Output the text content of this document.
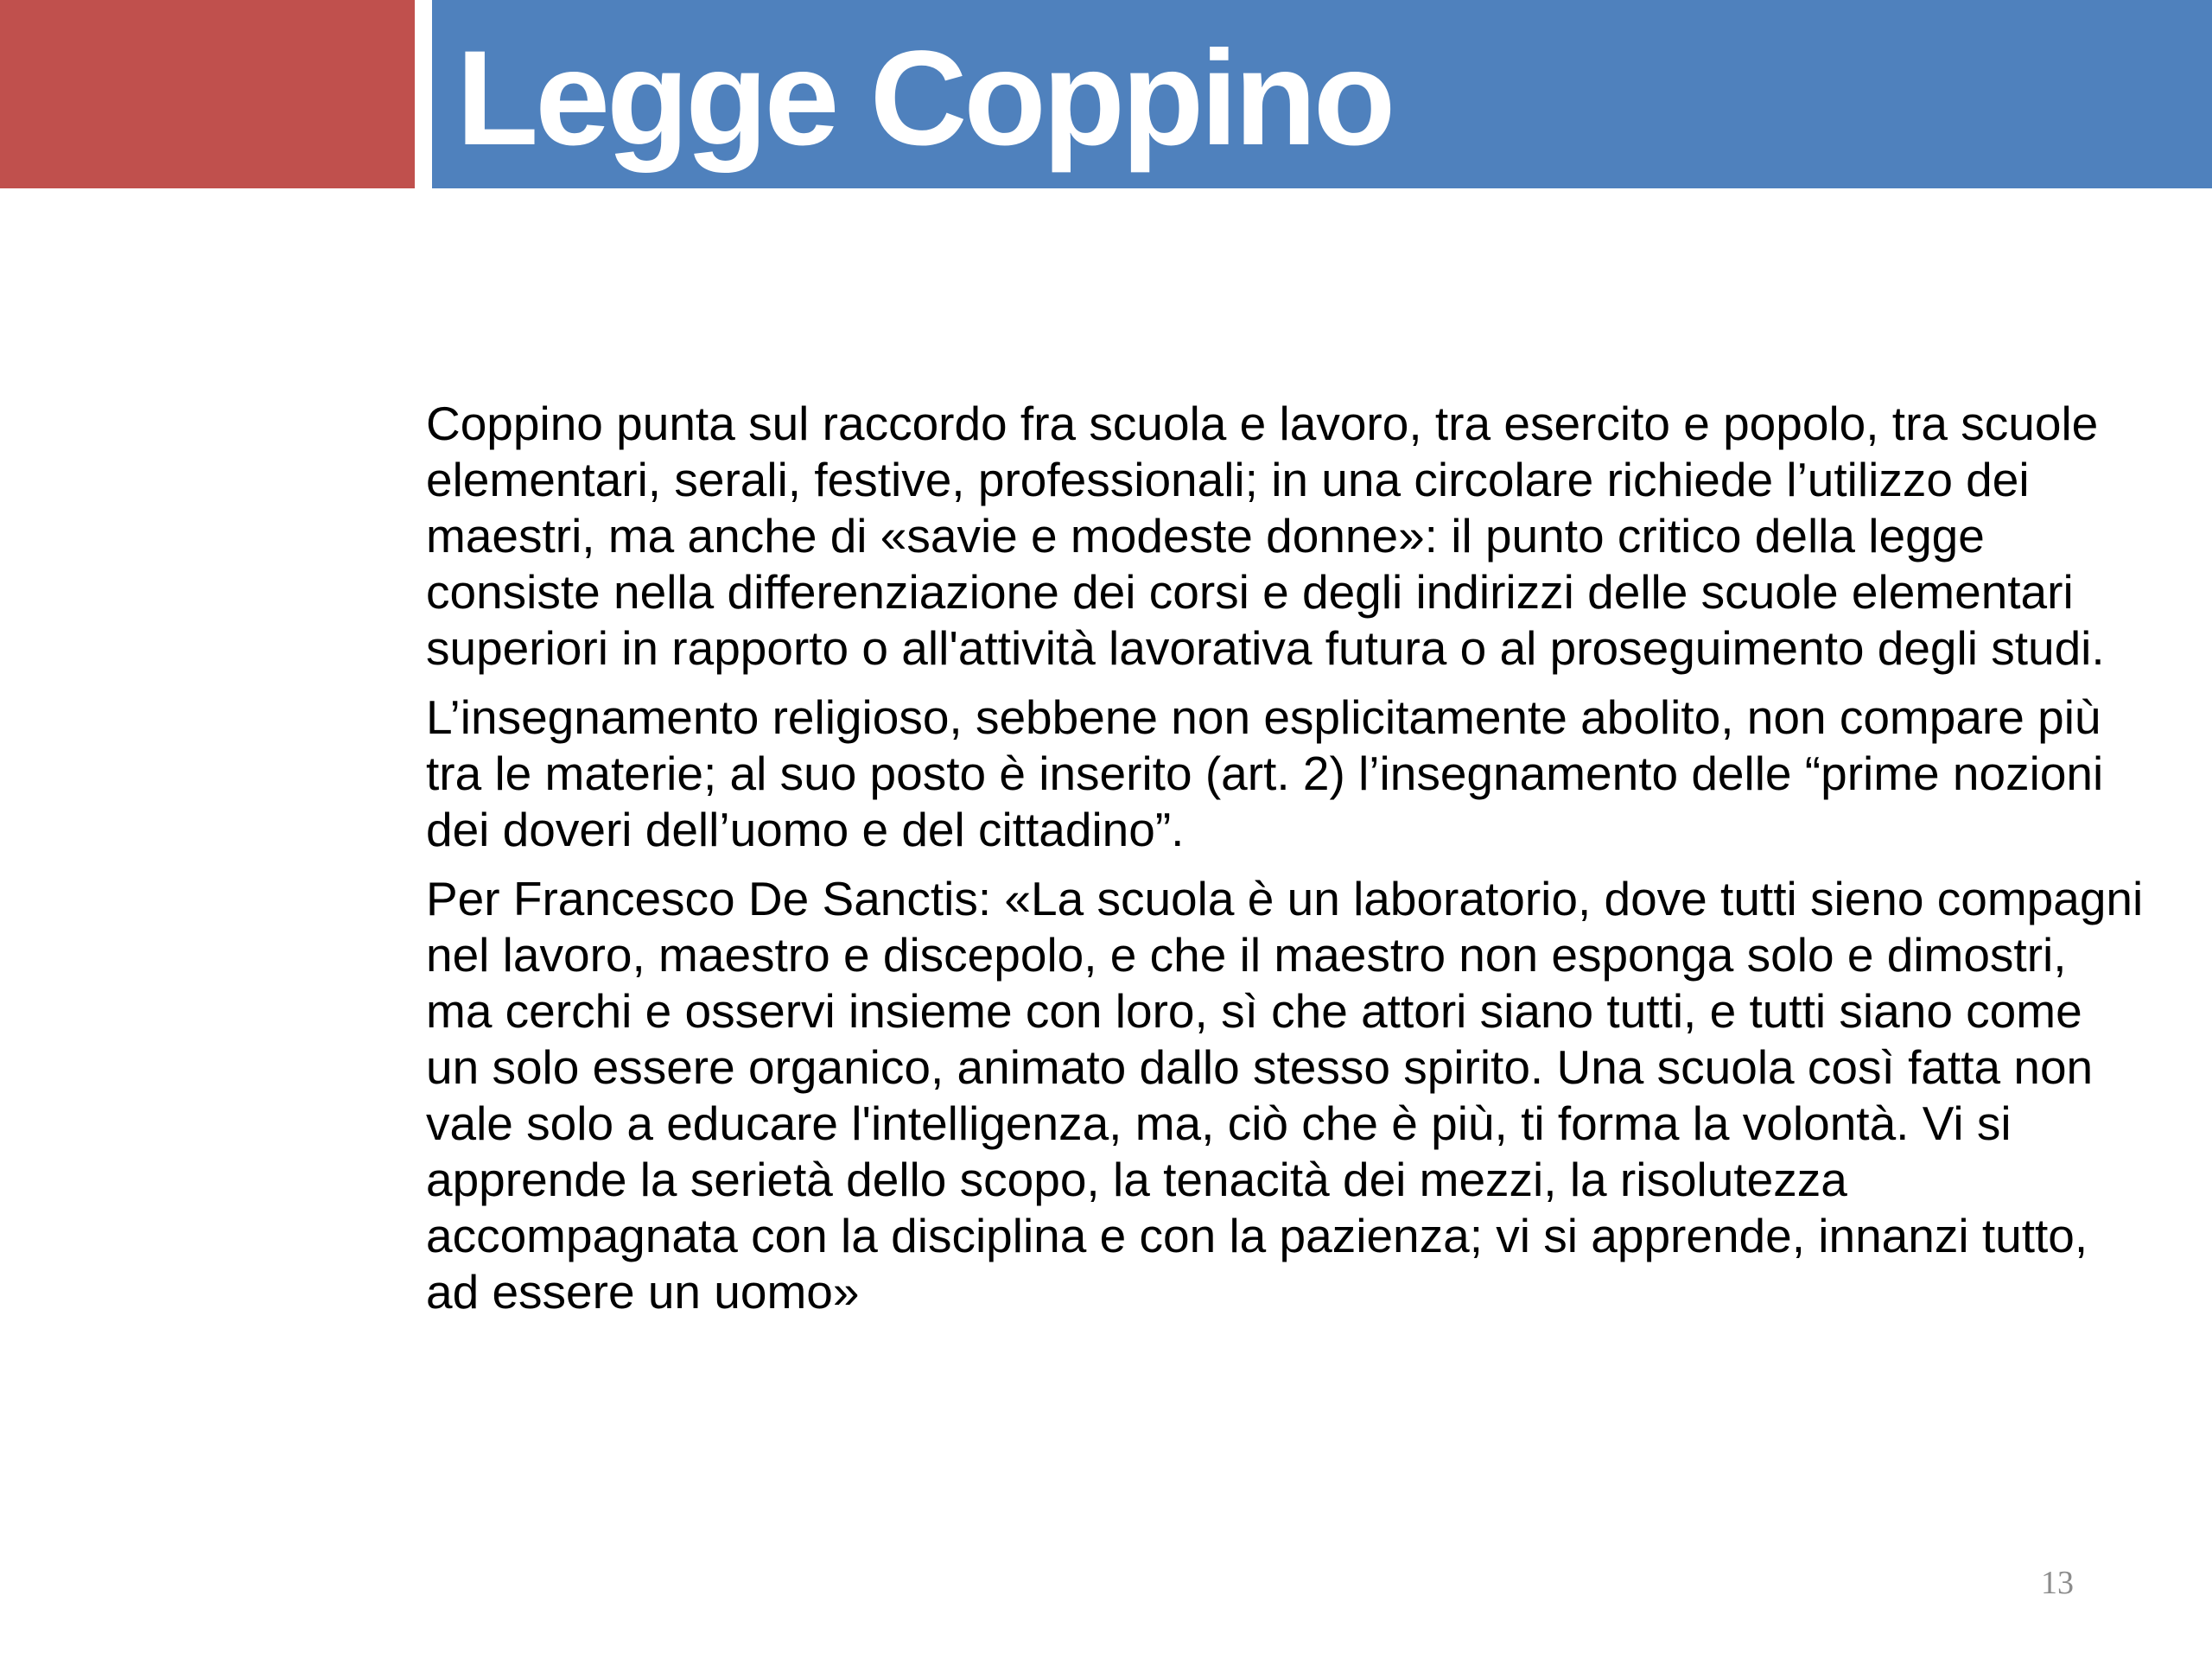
Legge Coppino

Coppino punta sul raccordo fra scuola e lavoro, tra esercito e popolo, tra scuole elementari, serali, festive, professionali; in una circolare richiede l’utilizzo dei maestri, ma anche di «savie e modeste donne»: il punto critico della legge consiste nella differenziazione dei corsi e degli indirizzi delle scuole elementari superiori in rapporto o all'attività lavorativa futura o al proseguimento degli studi.

L’insegnamento religioso, sebbene non esplicitamente abolito, non compare più tra le materie; al suo posto è inserito (art. 2) l’insegnamento delle “prime nozioni dei doveri dell’uomo e del cittadino”.

Per Francesco De Sanctis: «La scuola è un laboratorio, dove tutti sieno compagni nel lavoro, maestro e discepolo, e che il maestro non esponga solo e dimostri, ma cerchi e osservi insieme con loro, sì che attori siano tutti, e tutti siano come un solo essere organico, animato dallo stesso spirito. Una scuola così fatta non vale solo a educare l'intelligenza, ma, ciò che è più, ti forma la volontà. Vi si apprende la serietà dello scopo, la tenacità dei mezzi, la risolutezza accompagnata con la disciplina e con la pazienza; vi si apprende, innanzi tutto, ad essere un uomo»

13
